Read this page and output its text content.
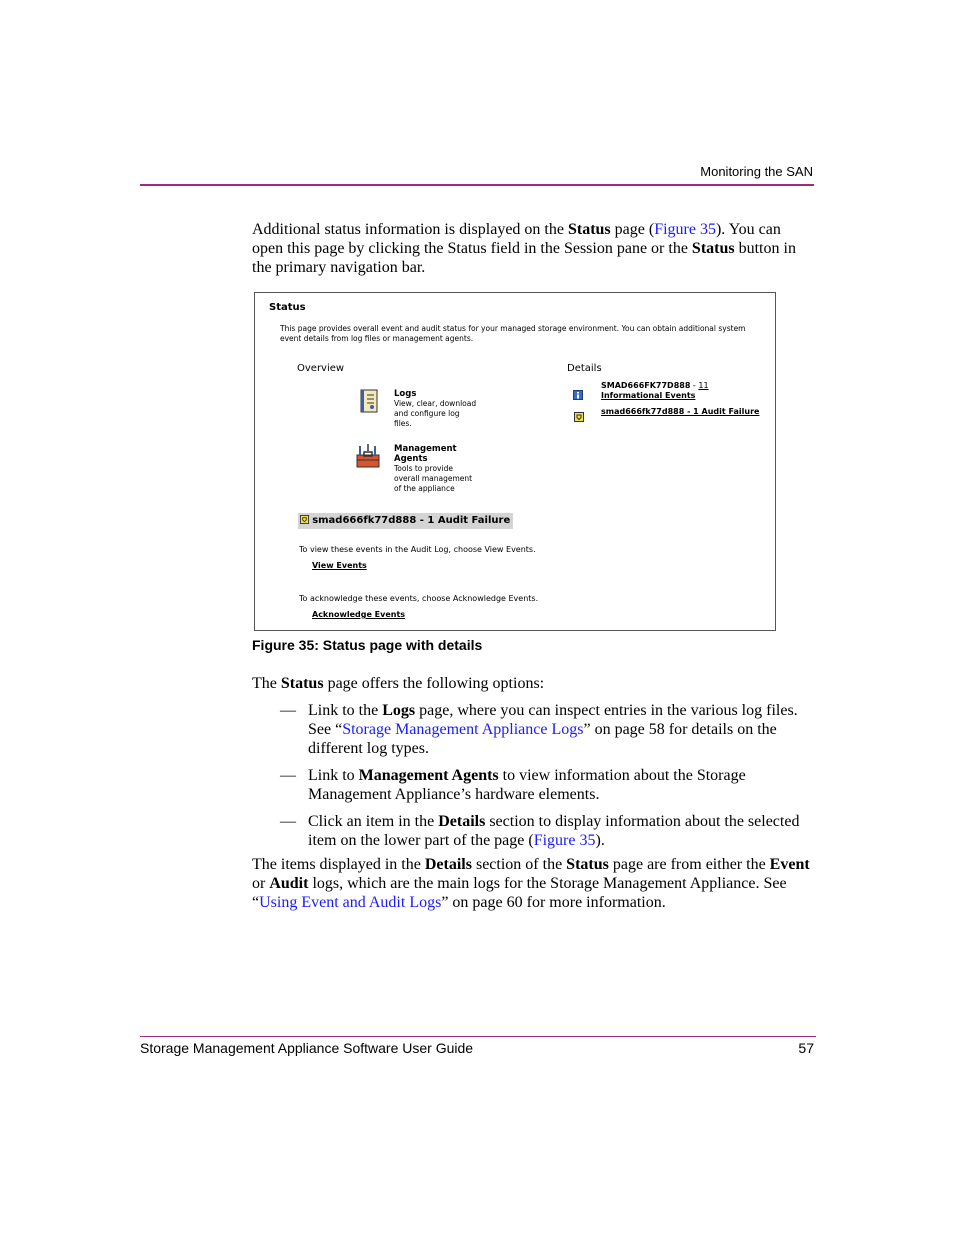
Monitoring the SAN

Additional status information is displayed on the Status page (Figure 35). You can open this page by clicking the Status field in the Session pane or the Status button in the primary navigation bar.

Status
This page provides overall event and audit status for your managed storage environment. You can obtain additional system event details from log files or management agents.
Overview	Details
Logs
View, clear, download and configure log files.
Management
Agents
Tools to provide overall management of the appliance
SMAD666FK77D888 - 11
Informational Events
smad666fk77d888 - 1 Audit Failure
smad666fk77d888 - 1 Audit Failure
To view these events in the Audit Log, choose View Events.
View Events
To acknowledge these events, choose Acknowledge Events.
Acknowledge Events
Figure 35: Status page with details

The Status page offers the following options:

— Link to the Logs page, where you can inspect entries in the various log files. See “Storage Management Appliance Logs” on page 58 for details on the different log types.
— Link to Management Agents to view information about the Storage Management Appliance’s hardware elements.
— Click an item in the Details section to display information about the selected item on the lower part of the page (Figure 35).

The items displayed in the Details section of the Status page are from either the Event or Audit logs, which are the main logs for the Storage Management Appliance. See “Using Event and Audit Logs” on page 60 for more information.

Storage Management Appliance Software User Guide	57
